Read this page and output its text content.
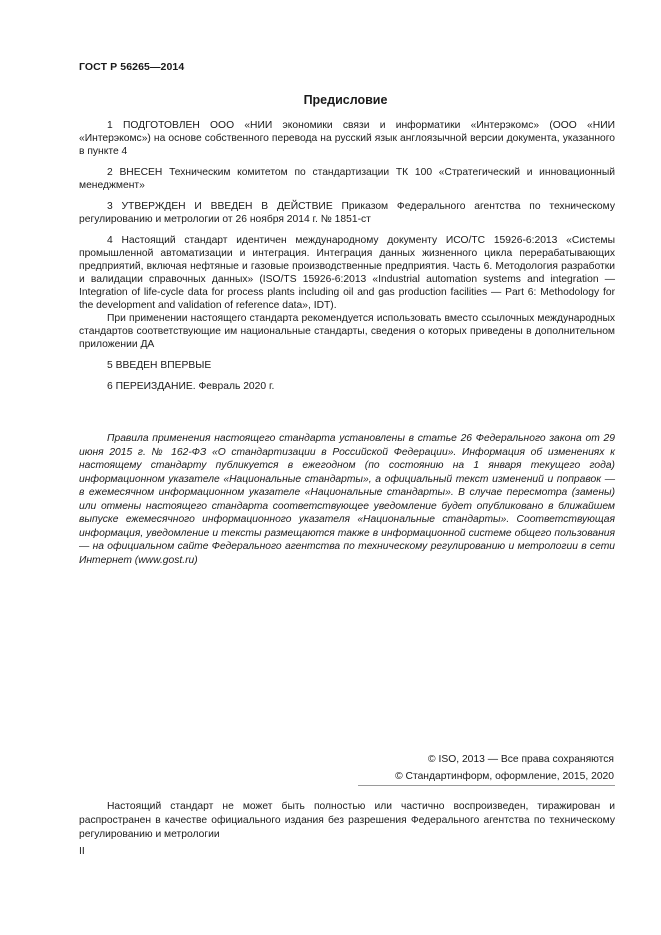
ГОСТ Р 56265—2014
Предисловие

1 ПОДГОТОВЛЕН ООО «НИИ экономики связи и информатики «Интерэкомс» (ООО «НИИ «Интерэкомс») на основе собственного перевода на русский язык англоязычной версии документа, указанного в пункте 4

2 ВНЕСЕН Техническим комитетом по стандартизации ТК 100 «Стратегический и инновационный менеджмент»

3 УТВЕРЖДЕН И ВВЕДЕН В ДЕЙСТВИЕ Приказом Федерального агентства по техническому регулированию и метрологии от 26 ноября 2014 г. № 1851-ст

4 Настоящий стандарт идентичен международному документу ИСО/ТС 15926-6:2013 «Системы промышленной автоматизации и интеграция. Интеграция данных жизненного цикла перерабатывающих предприятий, включая нефтяные и газовые производственные предприятия. Часть 6. Методология разработки и валидации справочных данных» (ISO/TS 15926-6:2013 «Industrial automation systems and integration — Integration of life-cycle data for process plants including oil and gas production facilities — Part 6: Methodology for the development and validation of reference data», IDT).

При применении настоящего стандарта рекомендуется использовать вместо ссылочных международных стандартов соответствующие им национальные стандарты, сведения о которых приведены в дополнительном приложении ДА

5 ВВЕДЕН ВПЕРВЫЕ

6 ПЕРЕИЗДАНИЕ. Февраль 2020 г.

Правила применения настоящего стандарта установлены в статье 26 Федерального закона от 29 июня 2015 г. № 162-ФЗ «О стандартизации в Российской Федерации». Информация об изменениях к настоящему стандарту публикуется в ежегодном (по состоянию на 1 января текущего года) информационном указателе «Национальные стандарты», а официальный текст изменений и поправок — в ежемесячном информационном указателе «Национальные стандарты». В случае пересмотра (замены) или отмены настоящего стандарта соответствующее уведомление будет опубликовано в ближайшем выпуске ежемесячного информационного указателя «Национальные стандарты». Соответствующая информация, уведомление и тексты размещаются также в информационной системе общего пользования — на официальном сайте Федерального агентства по техническому регулированию и метрологии в сети Интернет (www.gost.ru)

© ISO, 2013 — Все права сохраняются
© Стандартинформ, оформление, 2015, 2020

Настоящий стандарт не может быть полностью или частично воспроизведен, тиражирован и распространен в качестве официального издания без разрешения Федерального агентства по техническому регулированию и метрологии

II
